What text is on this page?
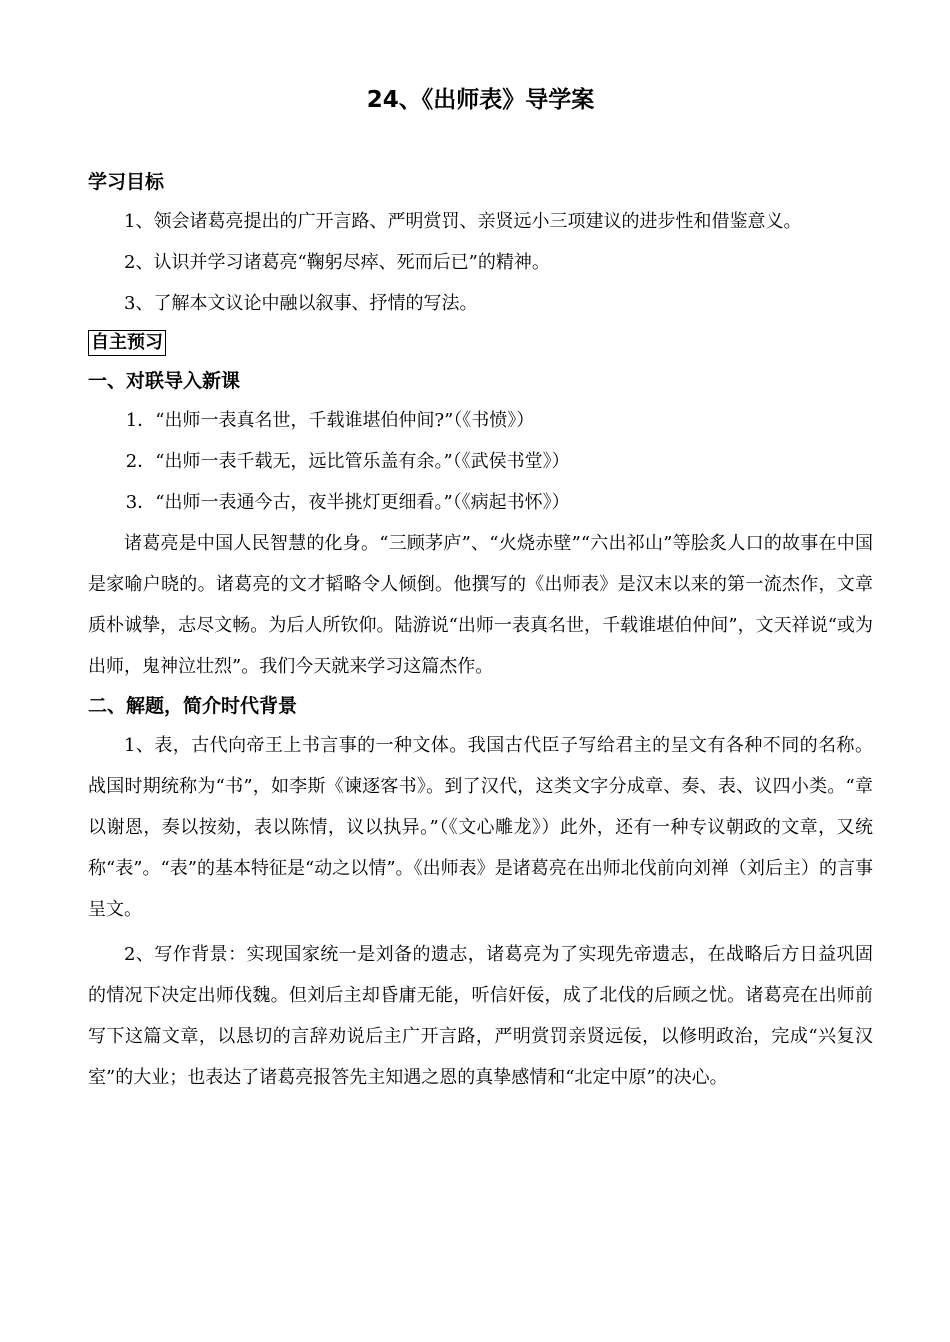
24、《出师表》导学案
学习目标

1、领会诸葛亮提出的广开言路、严明赏罚、亲贤远小三项建议的进步性和借鉴意义。

2、认识并学习诸葛亮“鞠躬尽瘁、死而后已”的精神。

3、了解本文议论中融以叙事、抒情的写法。

自主预习
一、对联导入新课

1．“出师一表真名世，千载谁堪伯仲间?”（《书愤》）

2．“出师一表千载无，远比管乐盖有余。”（《武侯书堂》）

3．“出师一表通今古，夜半挑灯更细看。”（《病起书怀》）

诸葛亮是中国人民智慧的化身。“三顾茅庐”、“火烧赤壁”“六出祁山”等脍炙人口的故事在中国是家喻户晓的。诸葛亮的文才韬略令人倾倒。他撰写的《出师表》是汉末以来的第一流杰作，文章质朴诚挚，志尽文畅。为后人所钦仰。陆游说“出师一表真名世，千载谁堪伯仲间”，文天祥说“或为出师，鬼神泣壮烈”。我们今天就来学习这篇杰作。

二、解题，简介时代背景

1、表，古代向帝王上书言事的一种文体。我国古代臣子写给君主的呈文有各种不同的名称。战国时期统称为“书”，如李斯《谏逐客书》。到了汉代，这类文字分成章、奏、表、议四小类。“章以谢恩，奏以按劾，表以陈情，议以执异。”（《文心雕龙》）此外，还有一种专议朝政的文章，又统称“表”。“表”的基本特征是“动之以情”。《出师表》是诸葛亮在出师北伐前向刘禅（刘后主）的言事呈文。

2、写作背景：实现国家统一是刘备的遗志，诸葛亮为了实现先帝遗志，在战略后方日益巩固的情况下决定出师伐魏。但刘后主却昏庸无能，听信奸佞，成了北伐的后顾之忧。诸葛亮在出师前写下这篇文章，以恳切的言辞劝说后主广开言路，严明赏罚亲贤远佞，以修明政治，完成“兴复汉室”的大业；也表达了诸葛亮报答先主知遇之恩的真挚感情和“北定中原”的决心。
